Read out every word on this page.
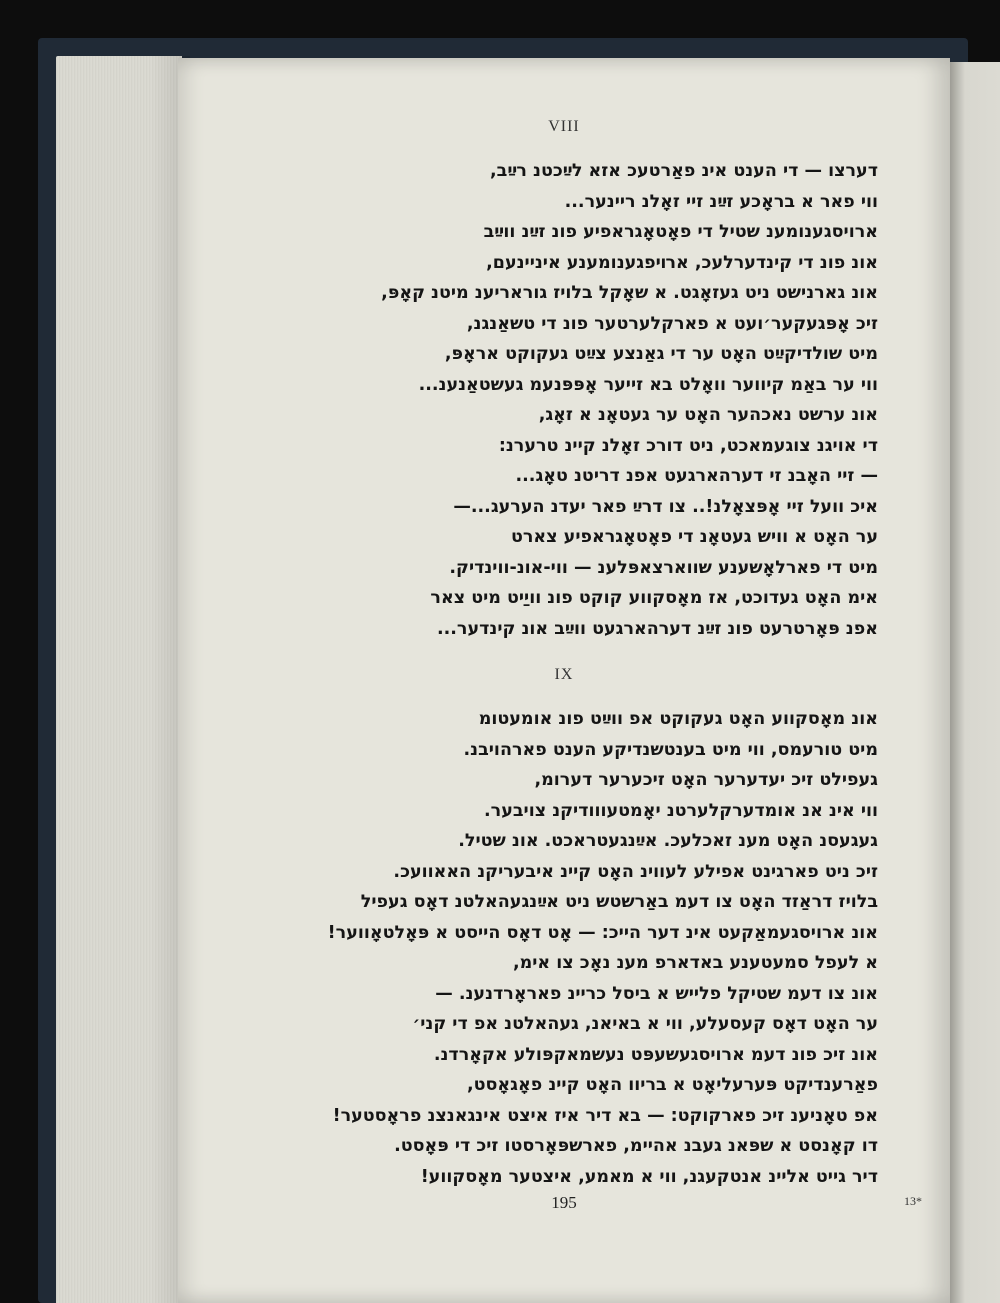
VIII
דערצו — די הענט אינ פאַרטעכ אזא לײַכטנ רײַב,
ווי פאר א בראָכע זײַנ זיי זאָלנ ריינער...
ארויסגענומענ שטיל די פאָטאָגראפיע פונ זײַנ ווײַב
אונ פונ די קינדערלעכ, ארױפגענומענע איניינעם,
אונ גארנישט ניט געזאָגט. א שאָקל בלויז גוראריענ מיטנ קאָפּ,
זיכ אָפּגעקער׳ועט א פארקלערטער פונ די טשאַנגנ,
מיט שולדיקײַט האָט ער די גאַנצע צײַט געקוקט אראָפּ,
ווי ער באַמ קיווער וואָלט בא זייער אָפּפּנעמ געשטאַנענ...
אונ ערשט נאכהער האָט ער געטאָנ א זאָג,
די אויגנ צוגעמאכט, ניט דורכ זאָלנ קיינ טרערנ:
— זיי האָבנ זי דערהארגעט אפנ דריטנ טאָג...
איכ וועל זיי אָפּצאָלנ!.. צו דרײַ פאר יעדנ הערעג...—
ער האָט א וויש געטאָנ די פאָטאָגראפיע צארט
מיט די פארלאָשענע שווארצאפּלענ — ווי-אונ-ווינדיק.
אימ האָט געדוכט, אז מאָסקווע קוקט פונ וויַיט מיט צאר
אפנ פּאָרטרעט פונ זײַנ דערהארגעט ווײַב אונ קינדער...
IX
אונ מאָסקווע האָט געקוקט אפ ווײַט פונ אומעטומ
מיט טורעמס, ווי מיט בענטשנדיקע הענט פארהויבנ.
געפילט זיכ יעדערער האָט זיכערער דערומ,
ווי אינ אנ אומדערקלערטנ יאָמטעווודיקנ צויבער.
געגעסנ האָט מענ זאכלעכ. אײַנגעטראכט. אונ שטיל.
זיכ ניט פארגינט אפילע לעווינ האָט קיינ איבעריקנ האאוועכ.
בלויז דראַזד האָט צו דעמ באַרשטש ניט אײַנגעהאלטנ דאָס געפיל
אונ ארויסגעמאַקעט אינ דער הייכ: — אָט דאָס הייסט א פּאָלטאָווער!
א לעפל סמעטענע באדארפ מענ נאָכ צו אימ,
אונ צו דעמ שטיקל פלייש א ביסל כריינ פאראָרדנענ. —
ער האָט דאָס קעסעלע, ווי א באיאנ, געהאלטנ אפ די קני׳
אונ זיכ פונ דעמ ארויסגעשעפּט נעשמאקפּולע אקאָרדנ.
פאַרענדיקט פּערעליאָט א בריוו האָט קיינ פאָגאָסט,
אפ טאָניענ זיכ פארקוקט: — בא דיר איז איצט אינגאנצנ פראָסטער!
דו קאָנסט א שפּאנ געבנ אהיימ, פארשפּאָרסטו זיכ די פּאָסט.
דיר גייט אליינ אנטקעגנ, ווי א מאמע, איצטער מאָסקווע!
195	13*
